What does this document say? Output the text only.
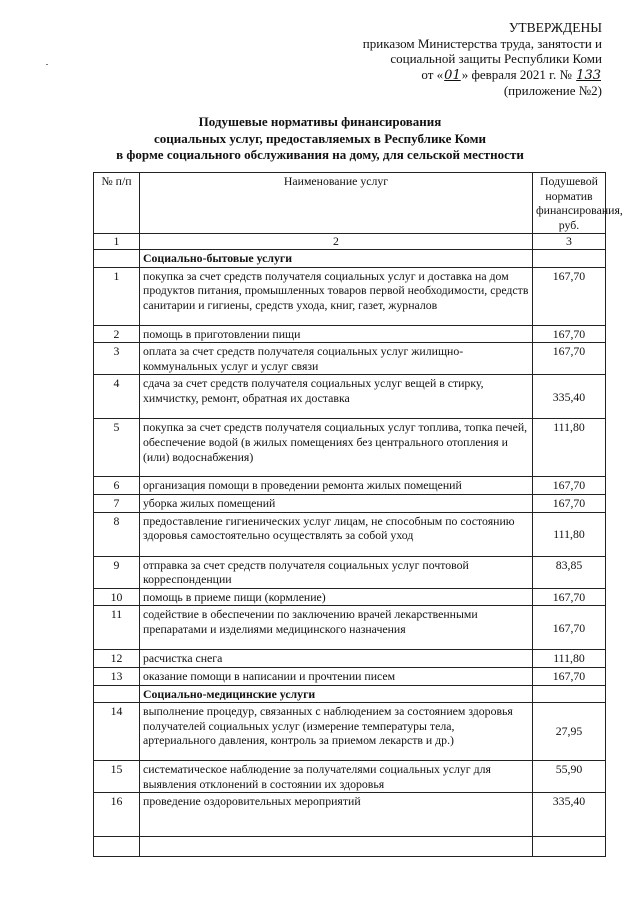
УТВЕРЖДЕНЫ
приказом Министерства труда, занятости и
социальной защиты Республики Коми
от «01» февраля 2021 г. № 133
(приложение №2)
Подушевые нормативы финансирования
социальных услуг, предоставляемых в Республике Коми
в форме социального обслуживания на дому, для сельской местности
№ п/п	Наименование услуг	Подушевой норматив финансирования, руб.
1	2	3
	Социально-бытовые услуги	
1	покупка за счет средств получателя социальных услуг и доставка на дом продуктов питания, промышленных товаров первой необходимости, средств санитарии и гигиены, средств ухода, книг, газет, журналов	167,70
2	помощь в приготовлении пищи	167,70
3	оплата за счет средств получателя социальных услуг жилищно-коммунальных услуг и услуг связи	167,70
4	сдача за счет средств получателя социальных услуг вещей в стирку, химчистку, ремонт, обратная их доставка	335,40
5	покупка за счет средств получателя социальных услуг топлива, топка печей, обеспечение водой (в жилых помещениях без центрального отопления и (или) водоснабжения)	111,80
6	организация помощи в проведении ремонта жилых помещений	167,70
7	уборка жилых помещений	167,70
8	предоставление гигиенических услуг лицам, не способным по состоянию здоровья самостоятельно осуществлять за собой уход	111,80
9	отправка за счет средств получателя социальных услуг почтовой корреспонденции	83,85
10	помощь в приеме пищи (кормление)	167,70
11	содействие в обеспечении по заключению врачей лекарственными препаратами и изделиями медицинского назначения	167,70
12	расчистка снега	111,80
13	оказание помощи в написании и прочтении писем	167,70
	Социально-медицинские услуги	
14	выполнение процедур, связанных с наблюдением за состоянием здоровья получателей социальных услуг (измерение температуры тела, артериального давления, контроль за приемом лекарств и др.)	27,95
15	систематическое наблюдение за получателями социальных услуг для выявления отклонений в состоянии их здоровья	55,90
16	проведение оздоровительных мероприятий	335,40
